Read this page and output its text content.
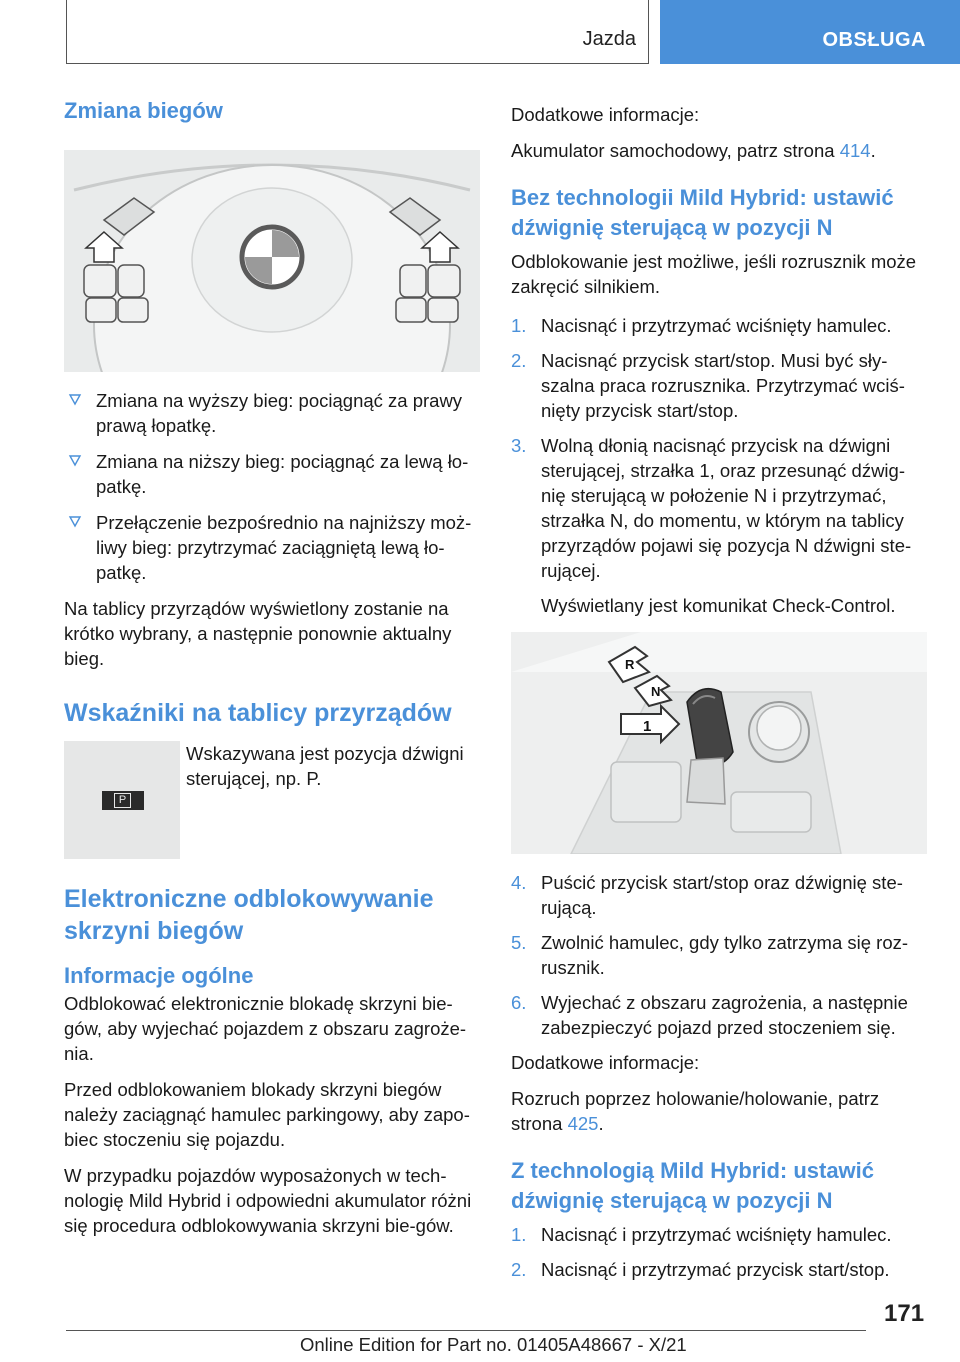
Jazda	OBSŁUGA
Zmiana biegów
Zmiana na wyższy bieg: pociągnąć za prawy prawą łopatkę.
Zmiana na niższy bieg: pociągnąć za lewą ło-patkę.
Przełączenie bezpośrednio na najniższy moż-liwy bieg: przytrzymać zaciągniętą lewą ło-patkę.

Na tablicy przyrządów wyświetlony zostanie na krótko wybrany, a następnie ponownie aktualny bieg.

Wskaźniki na tablicy przyrządów
P

Wskazywana jest pozycja dźwigni sterującej, np. P.

Elektroniczne odblokowywanie skrzyni biegów
Informacje ogólne

Odblokować elektronicznie blokadę skrzyni bie-gów, aby wyjechać pojazdem z obszaru zagroże-nia.

Przed odblokowaniem blokady skrzyni biegów należy zaciągnąć hamulec parkingowy, aby zapo-biec stoczeniu się pojazdu.

W przypadku pojazdów wyposażonych w tech-nologię Mild Hybrid i odpowiedni akumulator różni się procedura odblokowywania skrzyni bie-gów.

Dodatkowe informacje:

Akumulator samochodowy, patrz strona 414.

Bez technologii Mild Hybrid: ustawić dźwignię sterującą w pozycji N

Odblokowanie jest możliwe, jeśli rozrusznik może zakręcić silnikiem.

1. Nacisnąć i przytrzymać wciśnięty hamulec.
2. Nacisnąć przycisk start/stop. Musi być sły-szalna praca rozrusznika. Przytrzymać wciś-nięty przycisk start/stop.
3. Wolną dłonią nacisnąć przycisk na dźwigni sterującej, strzałka 1, oraz przesunąć dźwig-nię sterującą w położenie N i przytrzymać, strzałka N, do momentu, w którym na tablicy przyrządów pojawi się pozycja N dźwigni ste-rującej.

Wyświetlany jest komunikat Check-Control.

R
N
1
4. Puścić przycisk start/stop oraz dźwignię ste-rującą.
5. Zwolnić hamulec, gdy tylko zatrzyma się roz-rusznik.
6. Wyjechać z obszaru zagrożenia, a następnie zabezpieczyć pojazd przed stoczeniem się.

Dodatkowe informacje:

Rozruch poprzez holowanie/holowanie, patrz strona 425.

Z technologią Mild Hybrid: ustawić dźwignię sterującą w pozycji N
1. Nacisnąć i przytrzymać wciśnięty hamulec.
2. Nacisnąć i przytrzymać przycisk start/stop.
171
Online Edition for Part no. 01405A48667 - X/21
